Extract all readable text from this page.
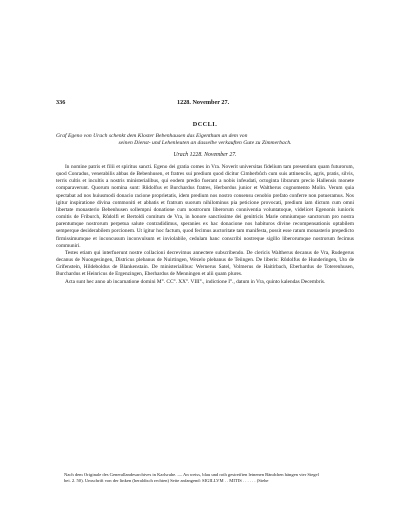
336	1228. November 27.
DCCLI.
Graf Egeno von Urach schenkt dem Kloster Bebenhausen das Eigenthum an dem von
seinen Dienst- und Lehenleuten an dasselbe verkauften Gute zu Zimmerbach.
Urach 1228. November 27.

In nomine patris et filii et spiritus sancti. Egeno dei gratia comes in Vra. Noverit universitas fidelium tam presentium quam futurorum, quod Conradus, venerabilis abbas de Bebenhusen, et fratres sui predium quod dicitur Cimberbůch cum suis attinenciis, agris, pratis, silvis, terris cultis et incultis a nostris ministerialibus, qui eodem predio fuerant a nobis infeudati, octoginta librarum precio Hallensis monete comparaverunt. Quorum nomina sunt: Růdolfus et Burchardus fratres, Herbordus junior et Waltherus cognomento Molin. Verum quia spectabat ad nos huiusmodi donacio racione proprietatis, idem predium nos nostro consensu cenobio prefato conferre non potueramus. Nos igitur inspiratione divina commoniti et abbatis et fratrum suorum nihilominus pia peticione provocati, predium iam dictum cum omni libertate monasterio Bebenhusen sollempni donatione cum nostrorum liberorum conniventia voluntatoque, videlicet Egenonis iunioris comitis de Friburch, Růdolfi et Bertoldi comitum de Vra, in honore sanctissime dei genitricis Marie omniumque sanctorum pro nostra parentumque nostrorum perpetua salute contradidimus, speranies ex hac donacione nos habituros divine recompensationis optabilem semperque desiderabilem porcionem. Ut igitur hoc factum, quod fecimus auctoritate tam manifesta, possit esse ratum monasterio prepedicto firmissimumque et inconcusum inconvulsum et inviolabile, cedulam hanc conscribi nostreque sigillo liberorumque nostrorum fecimus communiri.

Testes etiam qui interfuerunt nostre collacioni decrevimus annectere subscribendo. De clericis Waltherus decanus de Vra, Rudegerus decanus de Nuongesingen, Districus plebanus de Nuirtingen, Wezelo plebanus de Teiingen. De liberis: Růdolfus de Hunderingen, Uto de Grifenstein, Hildeboldus de Blankenstain. De ministerialibus: Wernerus Satel, Volmerus de Haitirbach, Eberhardus de Toterenhusen, Burchardus et Heinricus de Ergenzingen, Eberhardus de Menningen et alii quam plures.

Acta sunt hec anno ab incarnatione domini M°. CC°. XX°. VIII°., indictione I°., datum in Vra, quinto kalendas Decembris.

Nach dem Originale des Generallandesarchives in Karlsruhe. — An weiss, blau und roth gestreiften leinenen Bändchen hängen vier Siegel

bei. 2. 50). Umschrift von der linken (heraldisch rechten) Seite anfangend: SIGILLVM . . MITIS . . . . . . (Siehe
